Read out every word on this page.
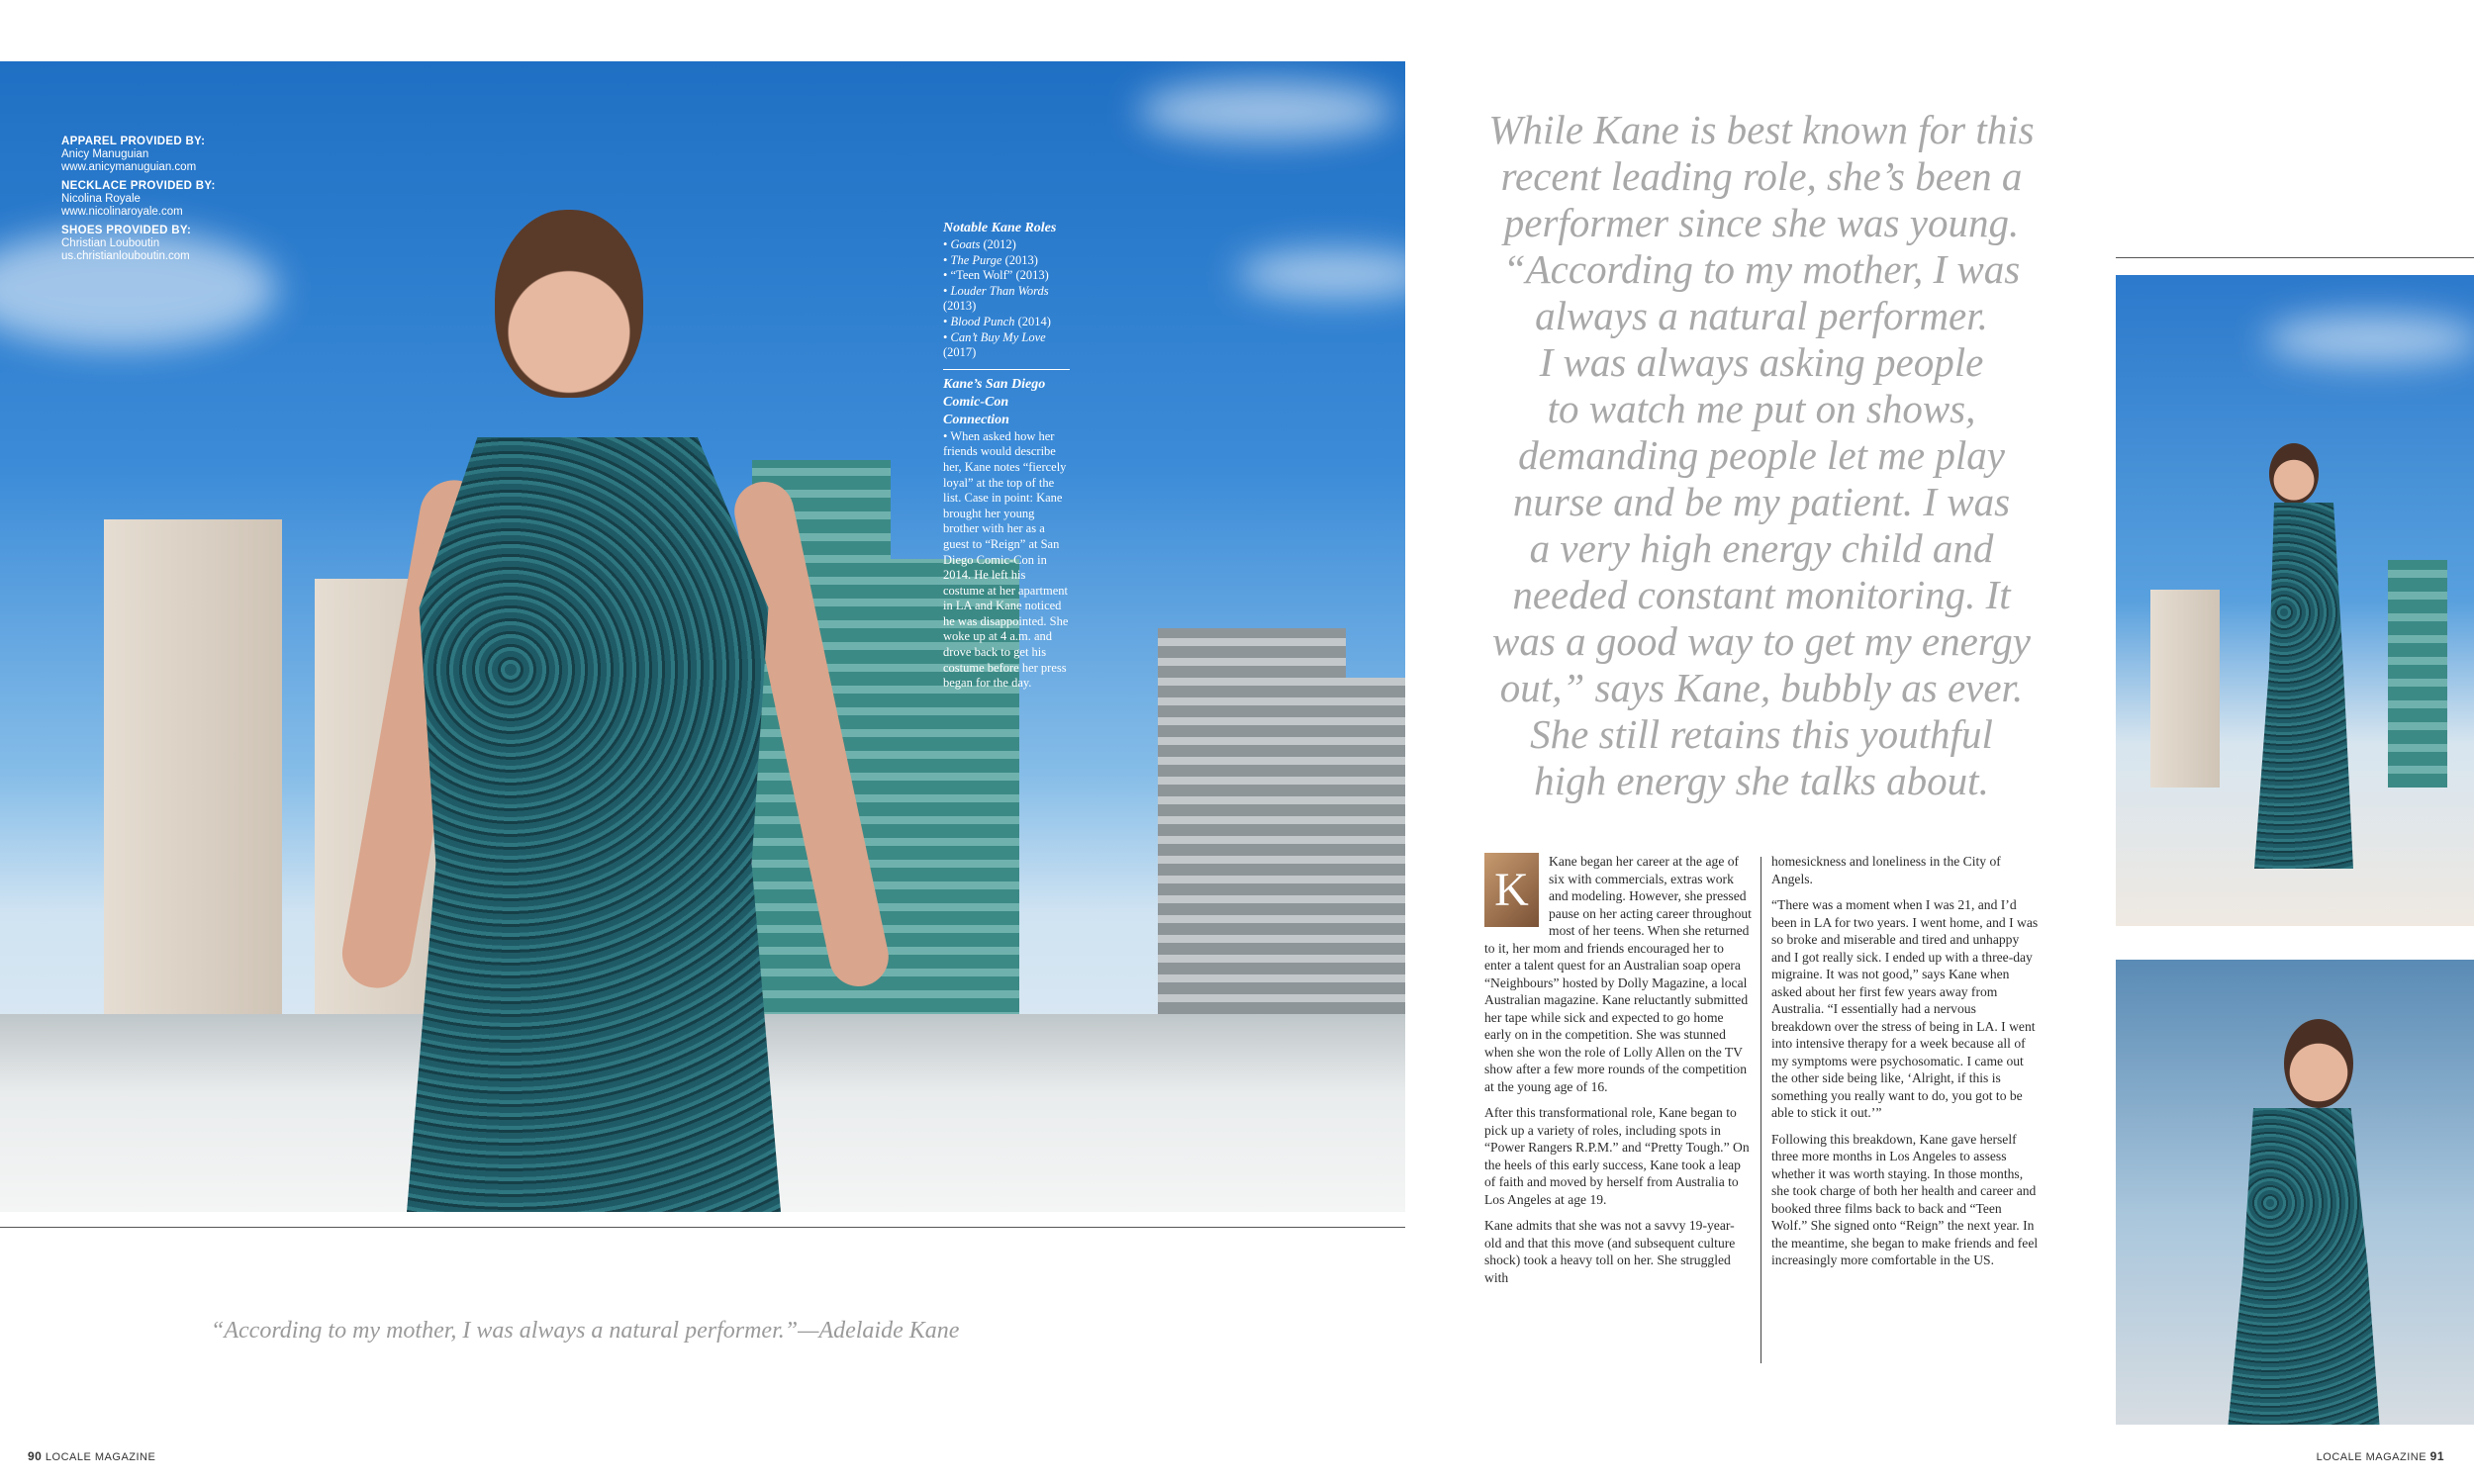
APPAREL PROVIDED BY:
Anicy Manuguian
www.anicymanuguian.com
NECKLACE PROVIDED BY:
Nicolina Royale
www.nicolinaroyale.com
SHOES PROVIDED BY:
Christian Louboutin
us.christianlouboutin.com
Notable Kane Roles
• Goats (2012)
• The Purge (2013)
• “Teen Wolf” (2013)
• Louder Than Words (2013)
• Blood Punch (2014)
• Can’t Buy My Love (2017)
Kane’s San Diego Comic-Con Connection
• When asked how her friends would describe her, Kane notes “fiercely loyal” at the top of the list. Case in point: Kane brought her young brother with her as a guest to “Reign” at San Diego Comic-Con in 2014. He left his costume at her apartment in LA and Kane noticed he was disappointed. She woke up at 4 a.m. and drove back to get his costume before her press began for the day.
“According to my mother, I was always a natural performer.”—Adelaide Kane
90 LOCALE MAGAZINE

While Kane is best known for this

recent leading role, she’s been a

performer since she was young.

“According to my mother, I was

always a natural performer.

I was always asking people

to watch me put on shows,

demanding people let me play

nurse and be my patient. I was

a very high energy child and

needed constant monitoring. It

was a good way to get my energy

out,” says Kane, bubbly as ever.

She still retains this youthful

high energy she talks about.

K

Kane began her career at the age of six with commercials, extras work and modeling. However, she pressed pause on her acting career throughout most of her teens. When she returned to it, her mom and friends encouraged her to enter a talent quest for an Australian soap opera “Neighbours” hosted by Dolly Magazine, a local Australian magazine. Kane reluctantly submitted her tape while sick and expected to go home early on in the competition. She was stunned when she won the role of Lolly Allen on the TV show after a few more rounds of the competition at the young age of 16.

After this transformational role, Kane began to pick up a variety of roles, including spots in “Power Rangers R.P.M.” and “Pretty Tough.” On the heels of this early success, Kane took a leap of faith and moved by herself from Australia to Los Angeles at age 19.

Kane admits that she was not a savvy 19-year-old and that this move (and subsequent culture shock) took a heavy toll on her. She struggled with

homesickness and loneliness in the City of Angels.

“There was a moment when I was 21, and I’d been in LA for two years. I went home, and I was so broke and miserable and tired and unhappy and I got really sick. I ended up with a three-day migraine. It was not good,” says Kane when asked about her first few years away from Australia. “I essentially had a nervous breakdown over the stress of being in LA. I went into intensive therapy for a week because all of my symptoms were psychosomatic. I came out the other side being like, ‘Alright, if this is something you really want to do, you got to be able to stick it out.’”

Following this breakdown, Kane gave herself three more months in Los Angeles to assess whether it was worth staying. In those months, she took charge of both her health and career and booked three films back to back and “Teen Wolf.” She signed onto “Reign” the next year. In the meantime, she began to make friends and feel increasingly more comfortable in the US.

LOCALE MAGAZINE 91
